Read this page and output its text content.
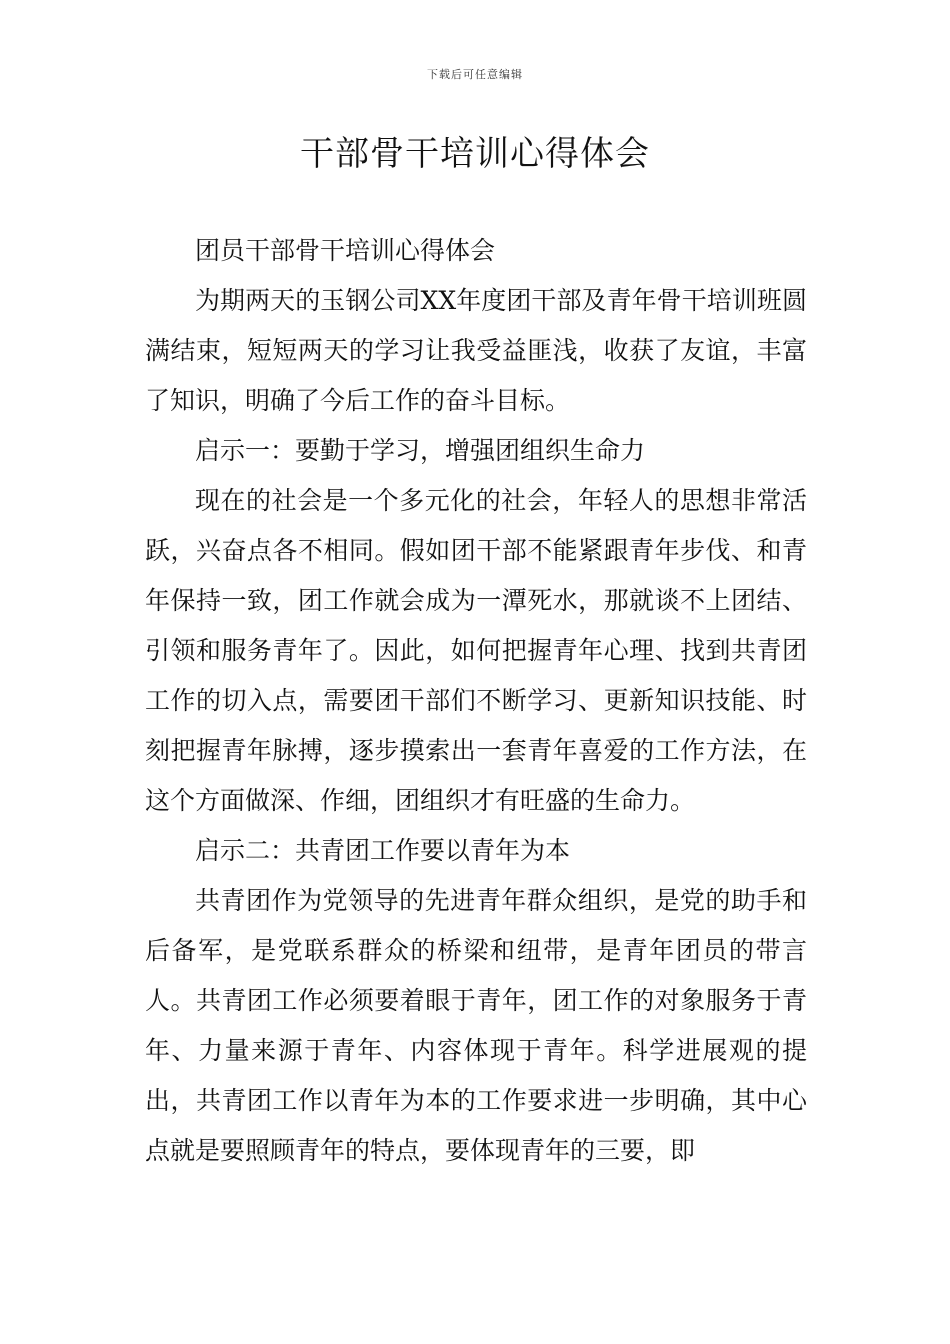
下载后可任意编辑
干部骨干培训心得体会

团员干部骨干培训心得体会

为期两天的玉钢公司XX年度团干部及青年骨干培训班圆满结束，短短两天的学习让我受益匪浅，收获了友谊，丰富了知识，明确了今后工作的奋斗目标。

启示一：要勤于学习，增强团组织生命力

现在的社会是一个多元化的社会，年轻人的思想非常活跃，兴奋点各不相同。假如团干部不能紧跟青年步伐、和青年保持一致，团工作就会成为一潭死水，那就谈不上团结、引领和服务青年了。因此，如何把握青年心理、找到共青团工作的切入点，需要团干部们不断学习、更新知识技能、时刻把握青年脉搏，逐步摸索出一套青年喜爱的工作方法，在这个方面做深、作细，团组织才有旺盛的生命力。

启示二：共青团工作要以青年为本

共青团作为党领导的先进青年群众组织，是党的助手和后备军，是党联系群众的桥梁和纽带，是青年团员的带言人。共青团工作必须要着眼于青年，团工作的对象服务于青年、力量来源于青年、内容体现于青年。科学进展观的提出，共青团工作以青年为本的工作要求进一步明确，其中心点就是要照顾青年的特点，要体现青年的三要，即
